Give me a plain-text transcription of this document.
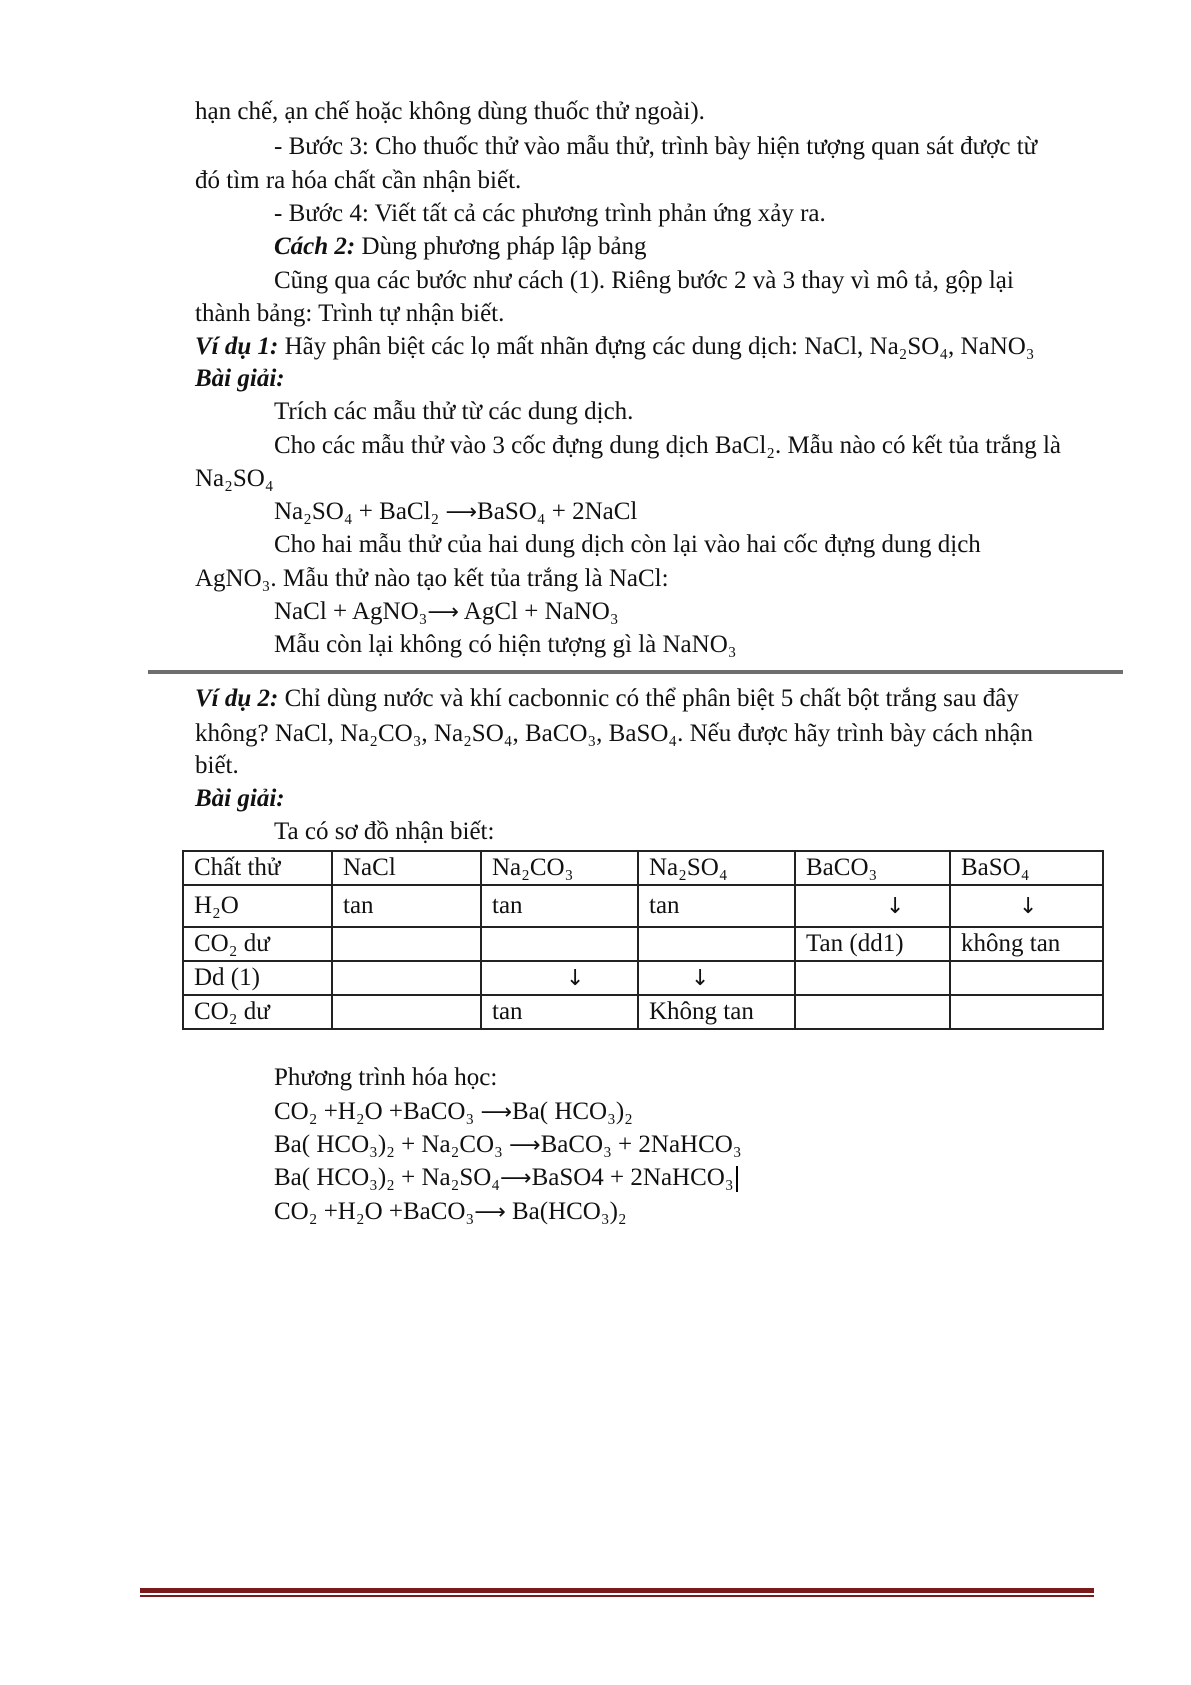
hạn chế, ạn chế hoặc không dùng thuốc thử ngoài).
- Bước 3: Cho thuốc thử vào mẫu thử, trình bày hiện tượng quan sát được từ
đó tìm ra hóa chất cần nhận biết.
- Bước 4: Viết tất cả các phương trình phản ứng xảy ra.
Cách 2: Dùng phương pháp lập bảng
Cũng qua các bước như cách (1). Riêng bước 2 và 3 thay vì mô tả, gộp lại
thành bảng: Trình tự nhận biết.
Ví dụ 1: Hãy phân biệt các lọ mất nhãn đựng các dung dịch: NaCl, Na₂SO₄, NaNO₃
Bài giải:
Trích các mẫu thử từ các dung dịch.
Cho các mẫu thử vào 3 cốc đựng dung dịch BaCl₂. Mẫu nào có kết tủa trắng là
Na₂SO₄
Na₂SO₄ + BaCl₂ ⟶BaSO₄ + 2NaCl
Cho hai mẫu thử của hai dung dịch còn lại vào hai cốc đựng dung dịch
AgNO₃. Mẫu thử nào tạo kết tủa trắng là NaCl:
NaCl + AgNO₃⟶ AgCl + NaNO₃
Mẫu còn lại không có hiện tượng gì là NaNO₃
Ví dụ 2: Chỉ dùng nước và khí cacbonnic có thể phân biệt 5 chất bột trắng sau đây
không? NaCl, Na₂CO₃, Na₂SO₄, BaCO₃, BaSO₄. Nếu được hãy trình bày cách nhận
biết.
Bài giải:
Ta có sơ đồ nhận biết:
Chất thử	NaCl	Na₂CO₃	Na₂SO₄	BaCO₃	BaSO₄
H₂O	tan	tan	tan	↓	↓

CO₂ dư				Tan (dd1)	không tan
Dd (1)		↓	↓		

CO₂ dư		tan	Không tan		
Phương trình hóa học:
CO₂ +H₂O +BaCO₃ ⟶Ba( HCO₃)₂
Ba( HCO₃)₂ + Na₂CO₃ ⟶BaCO₃ + 2NaHCO₃
Ba( HCO₃)₂ + Na₂SO₄⟶BaSO4 + 2NaHCO₃
CO₂ +H₂O +BaCO₃⟶ Ba(HCO₃)₂
